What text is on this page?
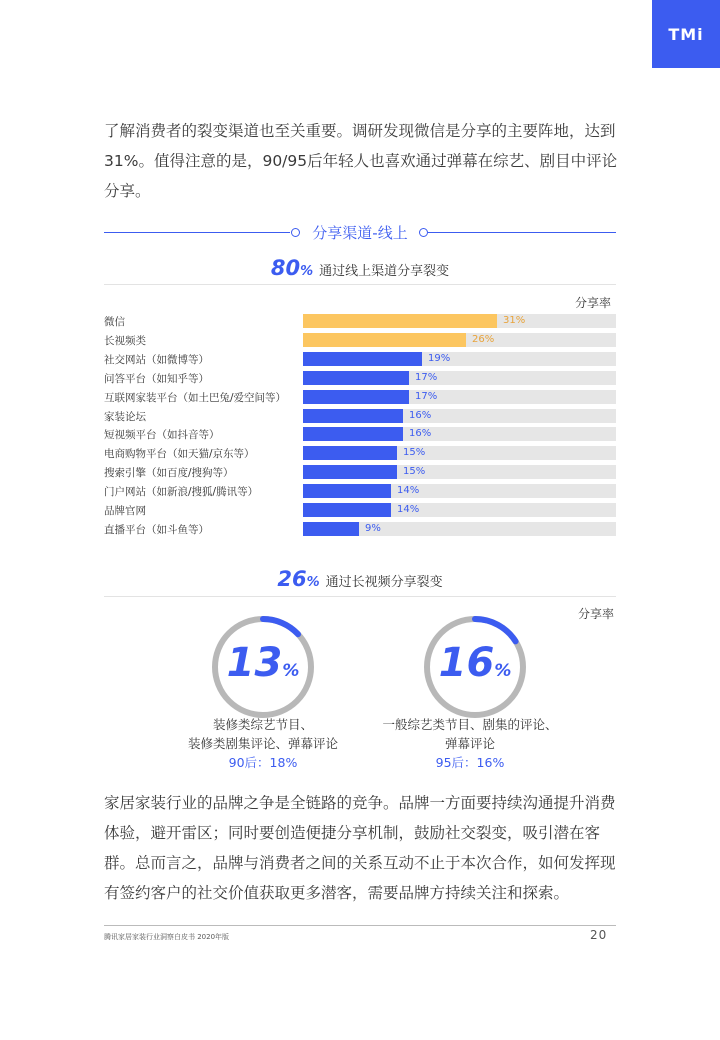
TMi

了解消费者的裂变渠道也至关重要。调研发现微信是分享的主要阵地，达到31%。值得注意的是，90/95后年轻人也喜欢通过弹幕在综艺、剧目中评论分享。

分享渠道-线上
80% 通过线上渠道分享裂变
分享率
微信	31%
长视频类	26%
社交网站（如微博等）	19%
问答平台（如知乎等）	17%
互联网家装平台（如土巴兔/爱空间等）	17%
家装论坛	16%
短视频平台（如抖音等）	16%
电商购物平台（如天猫/京东等）	15%
搜索引擎（如百度/搜狗等）	15%
门户网站（如新浪/搜狐/腾讯等）	14%
品牌官网	14%
直播平台（如斗鱼等）	9%
26% 通过长视频分享裂变
分享率
13%
装修类综艺节目、
装修类剧集评论、弹幕评论
90后：18%
16%
一般综艺类节目、剧集的评论、
弹幕评论
95后：16%

家居家装行业的品牌之争是全链路的竞争。品牌一方面要持续沟通提升消费体验，避开雷区；同时要创造便捷分享机制，鼓励社交裂变，吸引潜在客群。总而言之，品牌与消费者之间的关系互动不止于本次合作，如何发挥现有签约客户的社交价值获取更多潜客，需要品牌方持续关注和探索。

腾讯家居家装行业洞察白皮书 2020年版	20
